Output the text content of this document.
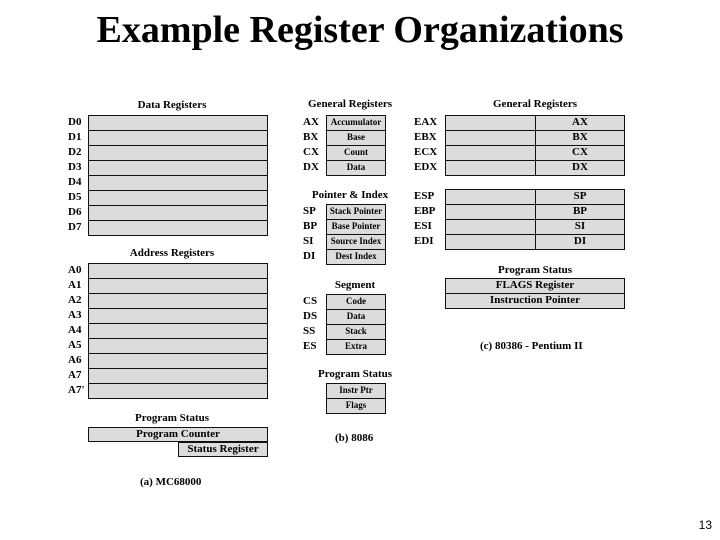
Example Register Organizations
Data Registers
D0
D1
D2
D3
D4
D5
D6
D7
Address Registers
A0
A1
A2
A3
A4
A5
A6
A7
A7'
Program Status
Program Counter
Status Register
(a) MC68000
General Registers
AX	Accumulator
BX	Base
CX	Count
DX	Data
Pointer & Index
SP	Stack Pointer
BP	Base Pointer
SI	Source Index
DI	Dest Index
Segment
CS	Code
DS	Data
SS	Stack
ES	Extra
Program Status
Instr Ptr
Flags
(b) 8086
General Registers
EAX	AX
EBX	BX
ECX	CX
EDX	DX
ESP	SP
EBP	BP
ESI	SI
EDI	DI
Program Status
FLAGS Register
Instruction Pointer
(c) 80386 - Pentium II
13
